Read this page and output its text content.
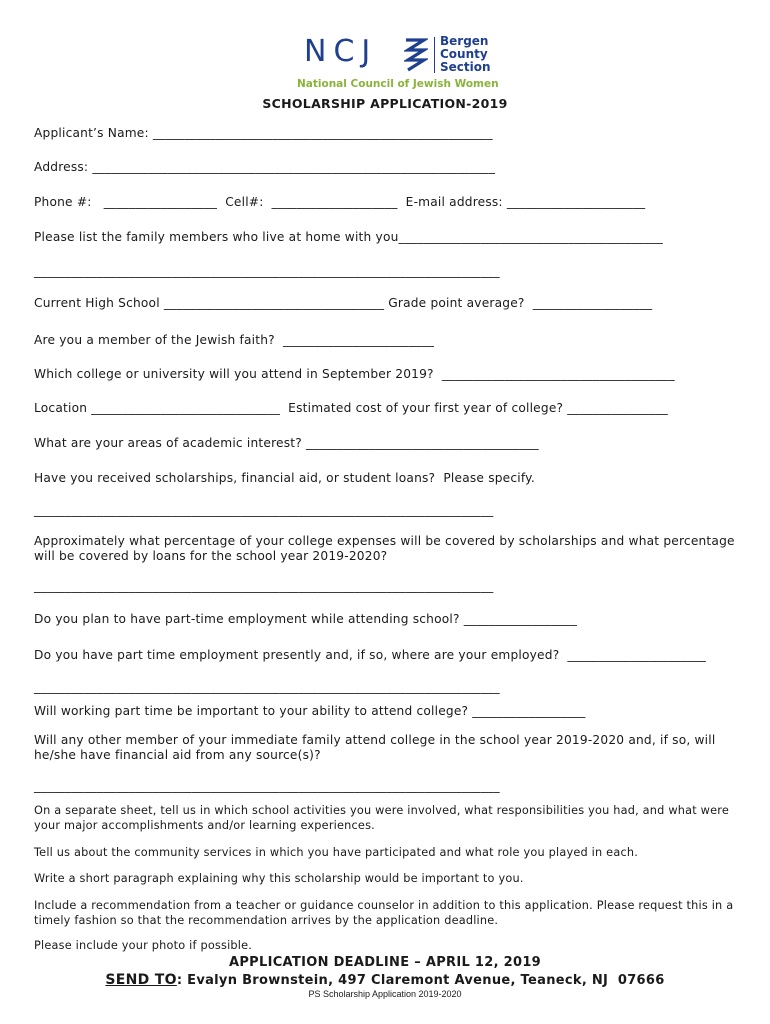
NCJ	Bergen
County
Section
National Council of Jewish Women
SCHOLARSHIP APPLICATION-2019
Applicant’s Name: ______________________________________________________
Address: ________________________________________________________________
Phone #:   __________________  Cell#:  ____________________  E-mail address: ______________________
Please list the family members who live at home with you__________________________________________
__________________________________________________________________________
Current High School ___________________________________ Grade point average?  ___________________
Are you a member of the Jewish faith?  ________________________
Which college or university will you attend in September 2019?  _____________________________________
Location ______________________________  Estimated cost of your first year of college? ________________
What are your areas of academic interest? _____________________________________
Have you received scholarships, financial aid, or student loans?  Please specify.
_________________________________________________________________________
Approximately what percentage of your college expenses will be covered by scholarships and what percentage
will be covered by loans for the school year 2019-2020?
_________________________________________________________________________
Do you plan to have part-time employment while attending school? __________________
Do you have part time employment presently and, if so, where are your employed?  ______________________
__________________________________________________________________________
Will working part time be important to your ability to attend college? __________________
Will any other member of your immediate family attend college in the school year 2019-2020 and, if so, will
he/she have financial aid from any source(s)?
__________________________________________________________________________
On a separate sheet, tell us in which school activities you were involved, what responsibilities you had, and what were your major accomplishments and/or learning experiences.
Tell us about the community services in which you have participated and what role you played in each.
Write a short paragraph explaining why this scholarship would be important to you.
Include a recommendation from a teacher or guidance counselor in addition to this application. Please request this in a timely fashion so that the recommendation arrives by the application deadline.
Please include your photo if possible.
APPLICATION DEADLINE – APRIL 12, 2019
SEND TO: Evalyn Brownstein, 497 Claremont Avenue, Teaneck, NJ  07666
PS Scholarship Application 2019-2020
